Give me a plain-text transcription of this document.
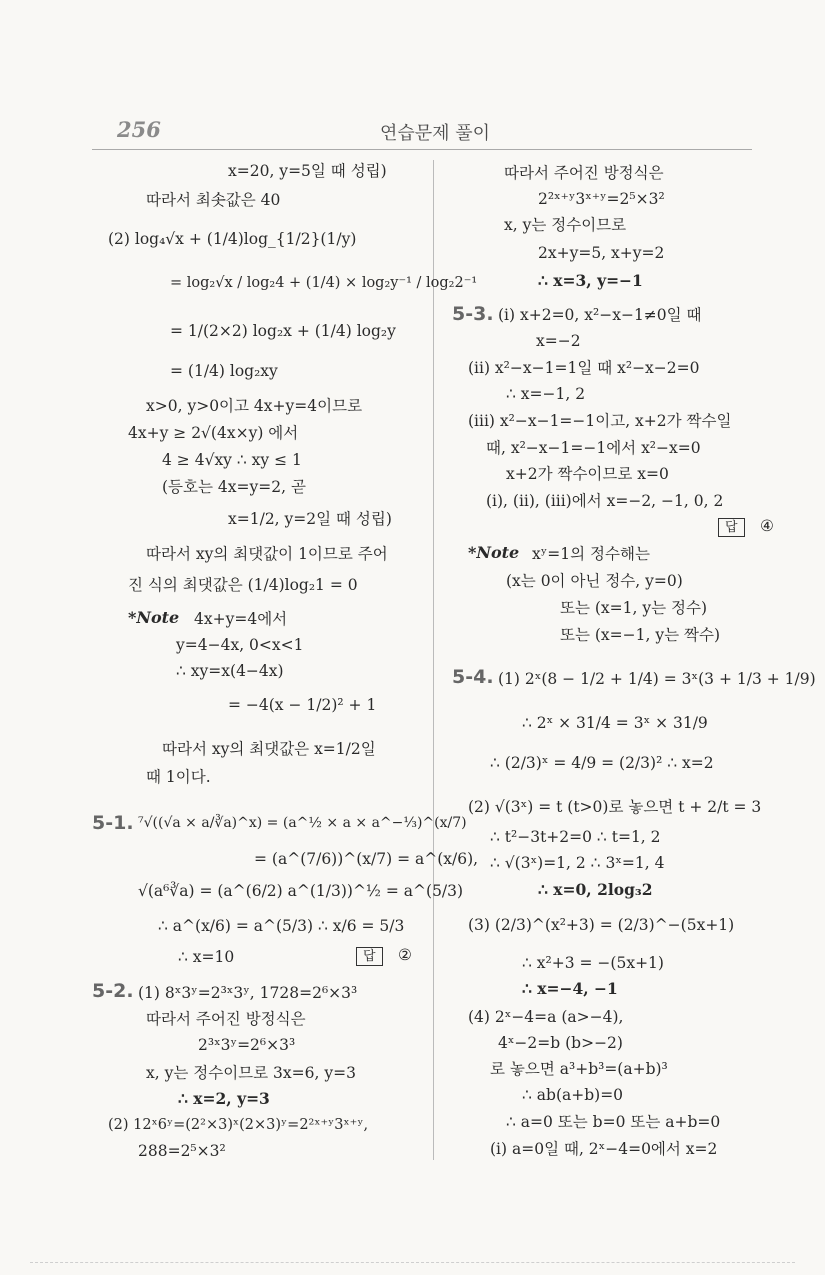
256	연습문제 풀이
x=20, y=5일 때 성립)
따라서 최솟값은 40
(2) log₄√x + (1/4)log_{1/2}(1/y)
= log₂√x / log₂4 + (1/4) × log₂y⁻¹ / log₂2⁻¹
= 1/(2×2) log₂x + (1/4) log₂y
= (1/4) log₂xy
x>0, y>0이고 4x+y=4이므로
4x+y ≥ 2√(4x×y) 에서
4 ≥ 4√xy ∴ xy ≤ 1
(등호는 4x=y=2, 곧
x=1/2, y=2일 때 성립)
따라서 xy의 최댓값이 1이므로 주어
진 식의 최댓값은 (1/4)log₂1 = 0
*Note 4x+y=4에서
y=4−4x, 0<x<1
∴ xy=x(4−4x)
= −4(x − 1/2)² + 1
따라서 xy의 최댓값은 x=1/2일
때 1이다.
5-1. ⁷√((√a × a/∛a)^x) = (a^½ × a × a^−⅓)^(x/7)
= (a^(7/6))^(x/7) = a^(x/6),
√(a⁶∛a) = (a^(6/2) a^(1/3))^½ = a^(5/3)
∴ a^(x/6) = a^(5/3) ∴ x/6 = 5/3
∴ x=10	답	②
5-2. (1) 8ˣ3ʸ=2³ˣ3ʸ, 1728=2⁶×3³
따라서 주어진 방정식은
2³ˣ3ʸ=2⁶×3³
x, y는 정수이므로 3x=6, y=3
∴ x=2, y=3
(2) 12ˣ6ʸ=(2²×3)ˣ(2×3)ʸ=2²ˣ⁺ʸ3ˣ⁺ʸ,
288=2⁵×3²
따라서 주어진 방정식은
2²ˣ⁺ʸ3ˣ⁺ʸ=2⁵×3²
x, y는 정수이므로
2x+y=5, x+y=2
∴ x=3, y=−1
5-3. (i) x+2=0, x²−x−1≠0일 때
x=−2
(ii) x²−x−1=1일 때 x²−x−2=0
∴ x=−1, 2
(iii) x²−x−1=−1이고, x+2가 짝수일
때, x²−x−1=−1에서 x²−x=0
x+2가 짝수이므로 x=0
(i), (ii), (iii)에서 x=−2, −1, 0, 2
답	④
*Note xʸ=1의 정수해는
(x는 0이 아닌 정수, y=0)
또는 (x=1, y는 정수)
또는 (x=−1, y는 짝수)
5-4. (1) 2ˣ(8 − 1/2 + 1/4) = 3ˣ(3 + 1/3 + 1/9)
∴ 2ˣ × 31/4 = 3ˣ × 31/9
∴ (2/3)ˣ = 4/9 = (2/3)² ∴ x=2
(2) √(3ˣ) = t (t>0)로 놓으면 t + 2/t = 3
∴ t²−3t+2=0 ∴ t=1, 2
∴ √(3ˣ)=1, 2 ∴ 3ˣ=1, 4
∴ x=0, 2log₃2
(3) (2/3)^(x²+3) = (2/3)^−(5x+1)
∴ x²+3 = −(5x+1)
∴ x=−4, −1
(4) 2ˣ−4=a (a>−4),
4ˣ−2=b (b>−2)
로 놓으면 a³+b³=(a+b)³
∴ ab(a+b)=0
∴ a=0 또는 b=0 또는 a+b=0
(i) a=0일 때, 2ˣ−4=0에서 x=2
